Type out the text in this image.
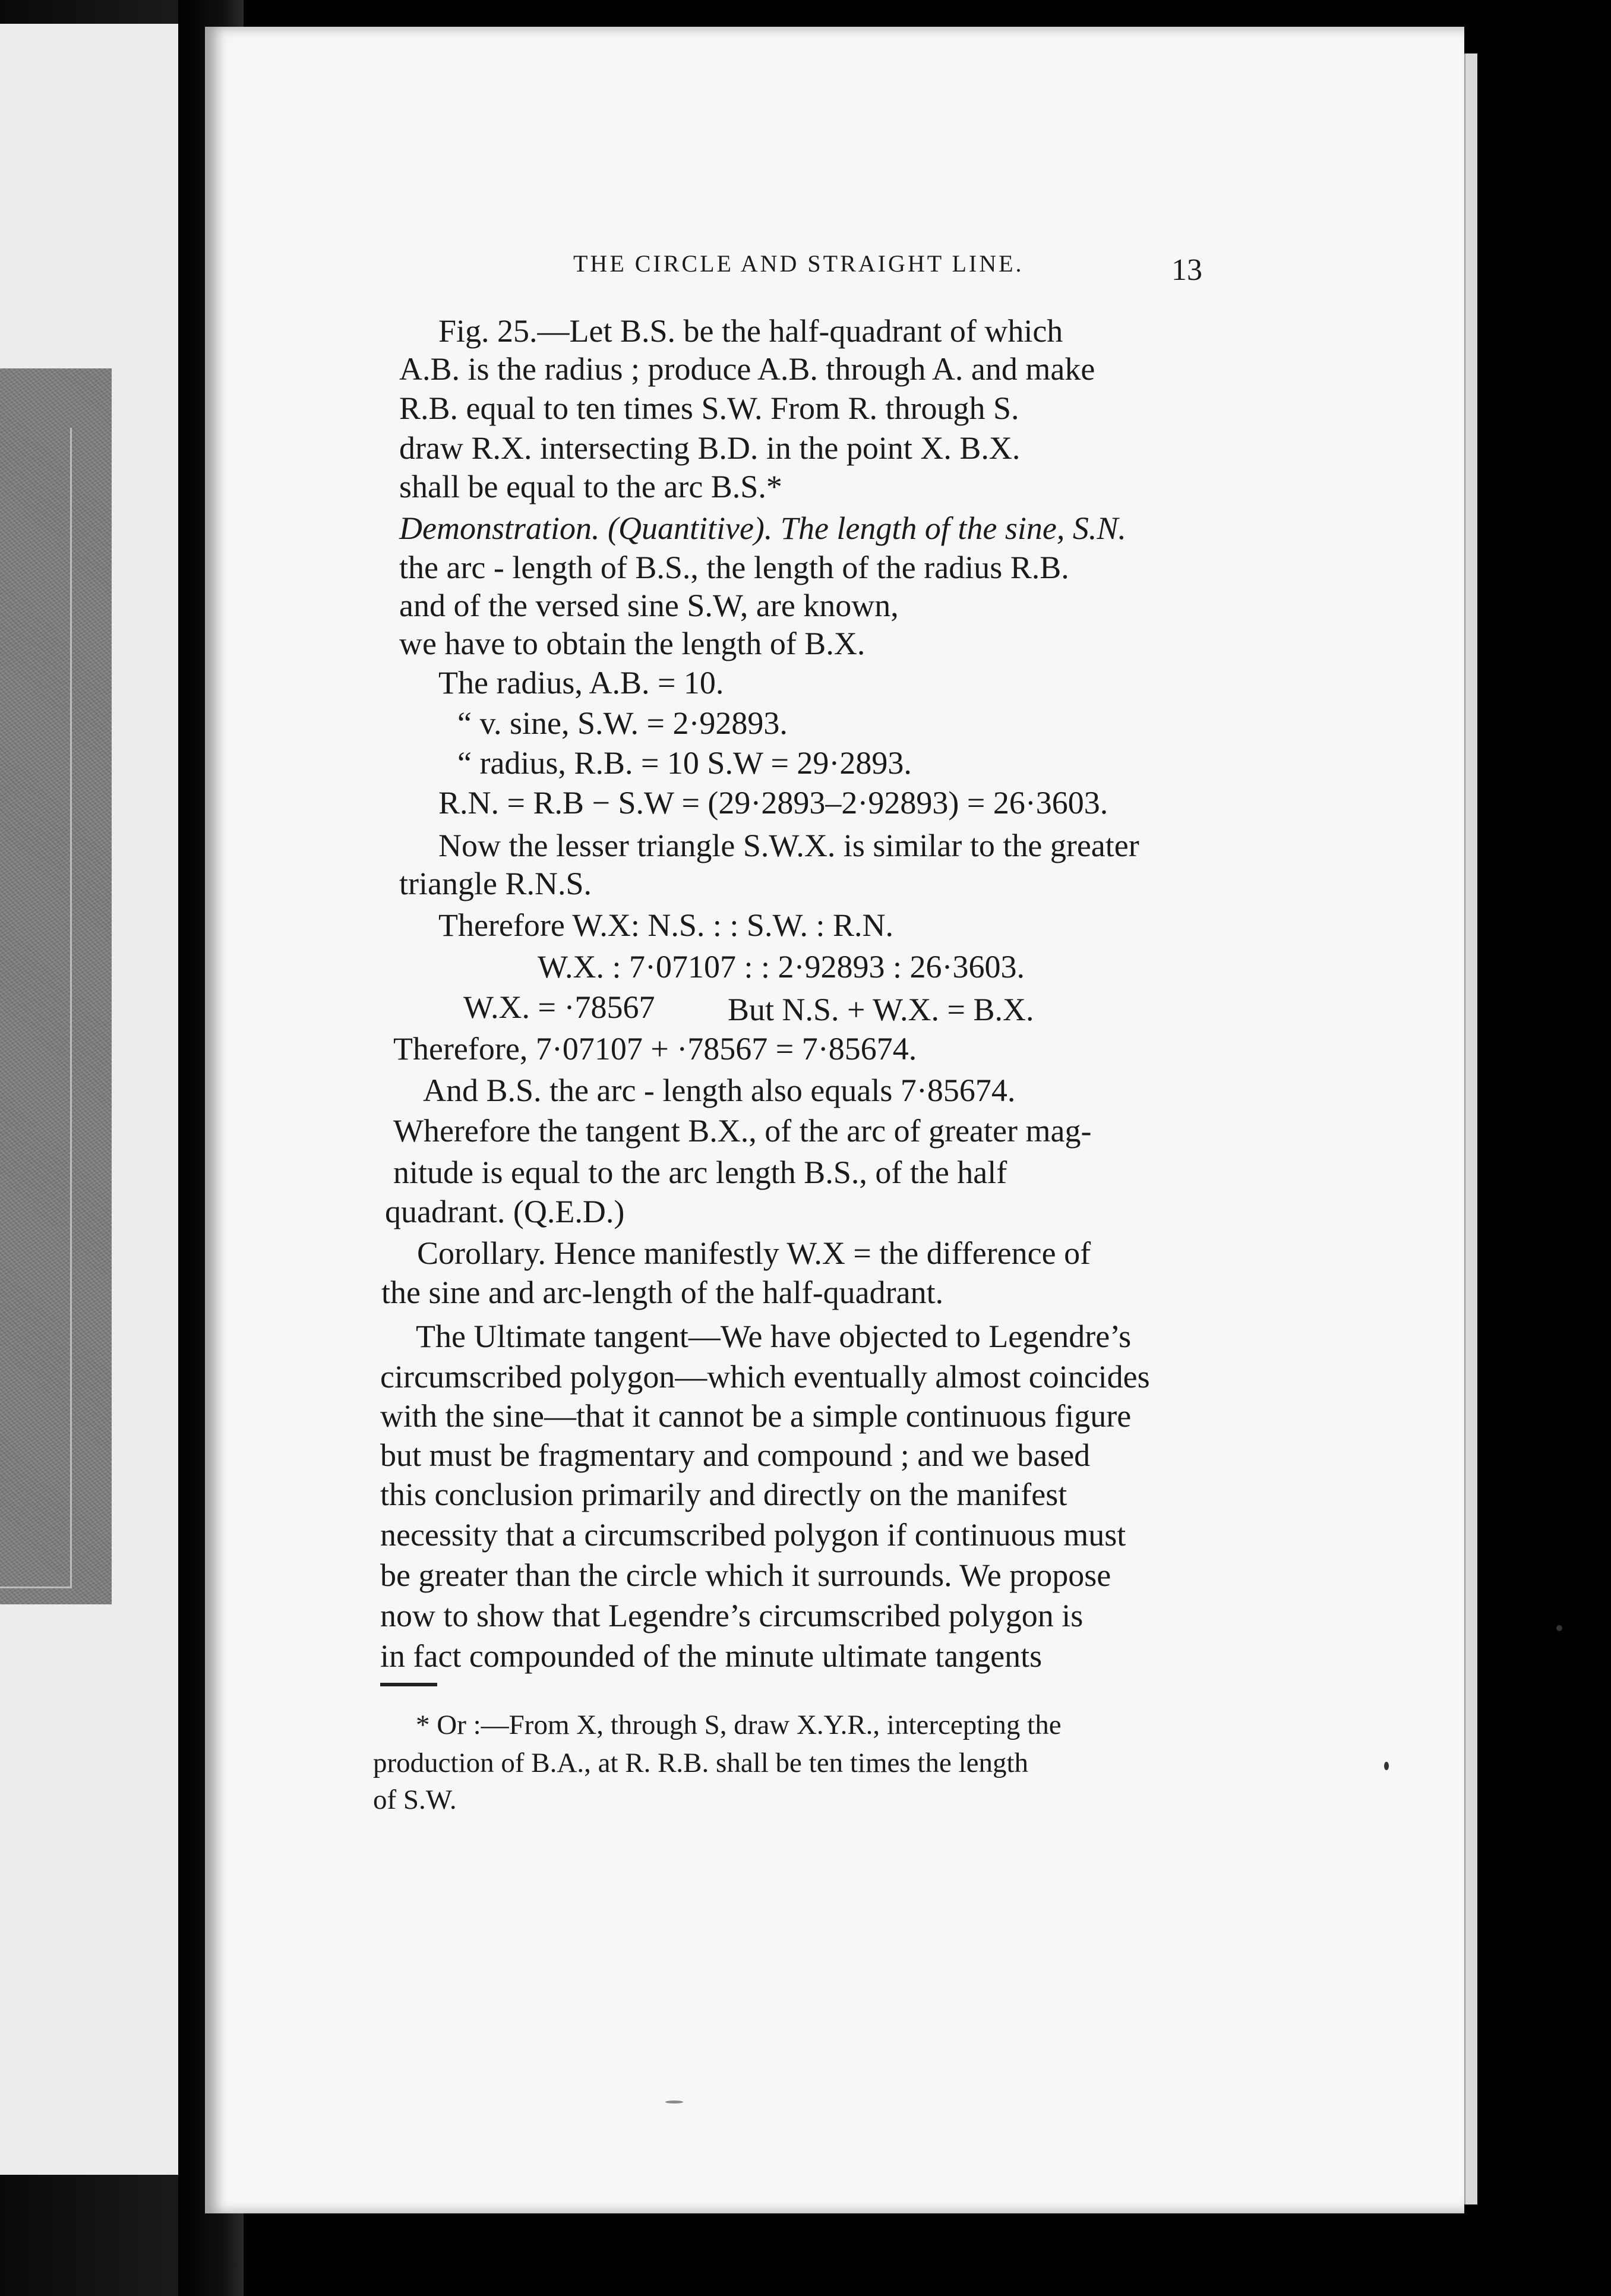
THE CIRCLE AND STRAIGHT LINE.	13
Fig. 25.—Let B.S. be the half-quadrant of which
A.B. is the radius ; produce A.B. through A. and make
R.B. equal to ten times S.W. From R. through S.
draw R.X. intersecting B.D. in the point X. B.X.
shall be equal to the arc B.S.*
Demonstration. (Quantitive). The length of the sine, S.N.
the arc - length of B.S., the length of the radius R.B.
and of the versed sine S.W, are known,
we have to obtain the length of B.X.
The radius, A.B. = 10.
“ v. sine, S.W. = 2·92893.
“ radius, R.B. = 10 S.W = 29·2893.
R.N. = R.B − S.W = (29·2893–2·92893) = 26·3603.
Now the lesser triangle S.W.X. is similar to the greater
triangle R.N.S.
Therefore W.X: N.S. : : S.W. : R.N.
W.X. : 7·07107 : : 2·92893 : 26·3603.
W.X. = ·78567 But N.S. + W.X. = B.X.
Therefore, 7·07107 + ·78567 = 7·85674.
And B.S. the arc - length also equals 7·85674.
Wherefore the tangent B.X., of the arc of greater mag-
nitude is equal to the arc length B.S., of the half
quadrant. (Q.E.D.)
Corollary. Hence manifestly W.X = the difference of
the sine and arc-length of the half-quadrant.
The Ultimate tangent—We have objected to Legendre’s
circumscribed polygon—which eventually almost coincides
with the sine—that it cannot be a simple continuous figure
but must be fragmentary and compound ; and we based
this conclusion primarily and directly on the manifest
necessity that a circumscribed polygon if continuous must
be greater than the circle which it surrounds. We propose
now to show that Legendre’s circumscribed polygon is
in fact compounded of the minute ultimate tangents
* Or :—From X, through S, draw X.Y.R., intercepting the
production of B.A., at R. R.B. shall be ten times the length
of S.W.
